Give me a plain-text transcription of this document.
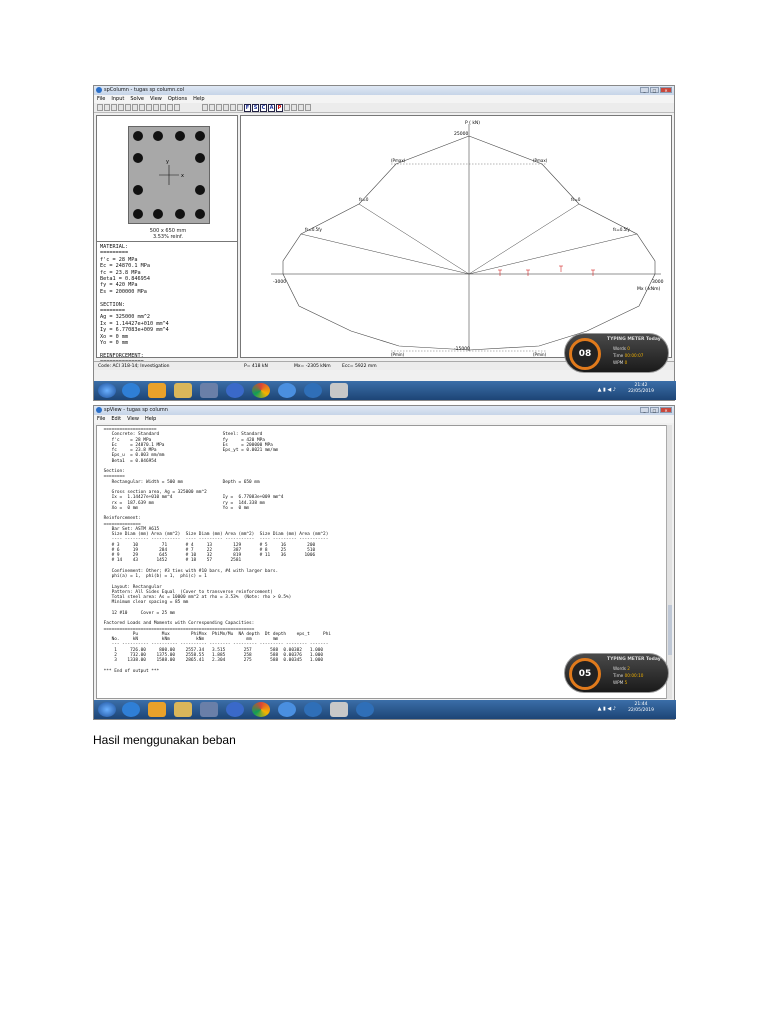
spColumn - tugas sp column.col	_	□	✕
File Input Solve View Options Help
F S C A P
y
x
500 x 650 mm
3.53% reinf.
MATERIAL:
=========
f'c = 28 MPa
Ec = 24870.1 MPa
fc = 23.8 MPa
Beta1 = 0.846954
fy = 420 MPa
Es = 200000 MPa

SECTION:
========
Ag = 325000 mm^2
Ix = 1.14427e+010 mm^4
Iy = 6.77083e+009 mm^4
Xo = 0 mm
Yo = 0 mm

REINFORCEMENT:

P ( kN)
25000
-15000
-3000	3000
Mx ( kNm)
(Pmax)	(Pmax)
(Pmin)	(Pmin)
fs=0	fs=0
fs=0.5fy	fs=0.5fy
Code: ACI 318-14; Investigation	P= 418 kN	Mx= -2305 kNm	Ecc= 5922 mm
08
TYPING METER Today
Words 0
Time 00:00:07
WPM 0
▲ ▮ ◀ ♪
21:42
22/05/2019
spView - tugas sp column	_	□	✕
File Edit View Help
====================
Concrete: Standard                        Steel: Standard
f'c    = 28 MPa                           fy     = 420 MPa
Ec     = 24870.1 MPa                      Es     = 200000 MPa
fc     = 23.8 MPa                         Eps_yt = 0.0021 mm/mm
Eps_u  = 0.003 mm/mm
Beta1  = 0.846954

Section:
========
Rectangular: Width = 500 mm               Depth = 650 mm

Gross section area, Ag = 325000 mm^2
Ix =  1.14427e+010 mm^4                   Iy =  6.77083e+009 mm^4
rx =  187.639 mm                          ry =  144.338 mm
Xo =  0 mm                                Yo =  0 mm

Reinforcement:
==============
Bar Set: ASTM A615
Size Diam (mm) Area (mm^2)  Size Diam (mm) Area (mm^2)  Size Diam (mm) Area (mm^2)
---- --------- -----------  ---- --------- -----------  ---- --------- -----------
# 3     10         71       # 4     13        129       # 5     16        200
# 6     19        284       # 7     22        387       # 8     25        510
# 9     29        645       # 10    32        819       # 11    36       1006
# 14    43       1452       # 18    57       2581

Confinement: Other; #3 ties with #10 bars, #4 with larger bars.
phi(a) = 1,  phi(b) = 1,  phi(c) = 1

Layout: Rectangular
Pattern: All Sides Equal  (Cover to transverse reinforcement)
Total steel area: As = 10000 mm^2 at rho = 3.53%  (Note: rho > 0.5%)
Minimum clear spacing = 85 mm

12 #10     Cover = 25 mm

Factored Loads and Moments with Corresponding Capacities:
=========================================================
Pu         Mux        PhiMnx  PhiMn/Mu  NA depth  Dt depth    eps_t     Phi
No.     kN         kNm          kNm                mm        mm
--- ---------- ---------- ---------- -------- --------- --------- -------- -------
1     726.00     800.00    2557.34   3.515       257       588  0.00382   1.000
2     732.00    1375.00    2558.55   1.885       258       588  0.00376   1.000
3    1338.00    1588.00    2865.41   2.304       275       588  0.00345   1.000

*** End of output ***	05
TYPING METER Today
Words 2
Time 00:00:10
WPM 5
▲ ▮ ◀ ♪
21:44
22/05/2019
Hasil menggunakan beban
